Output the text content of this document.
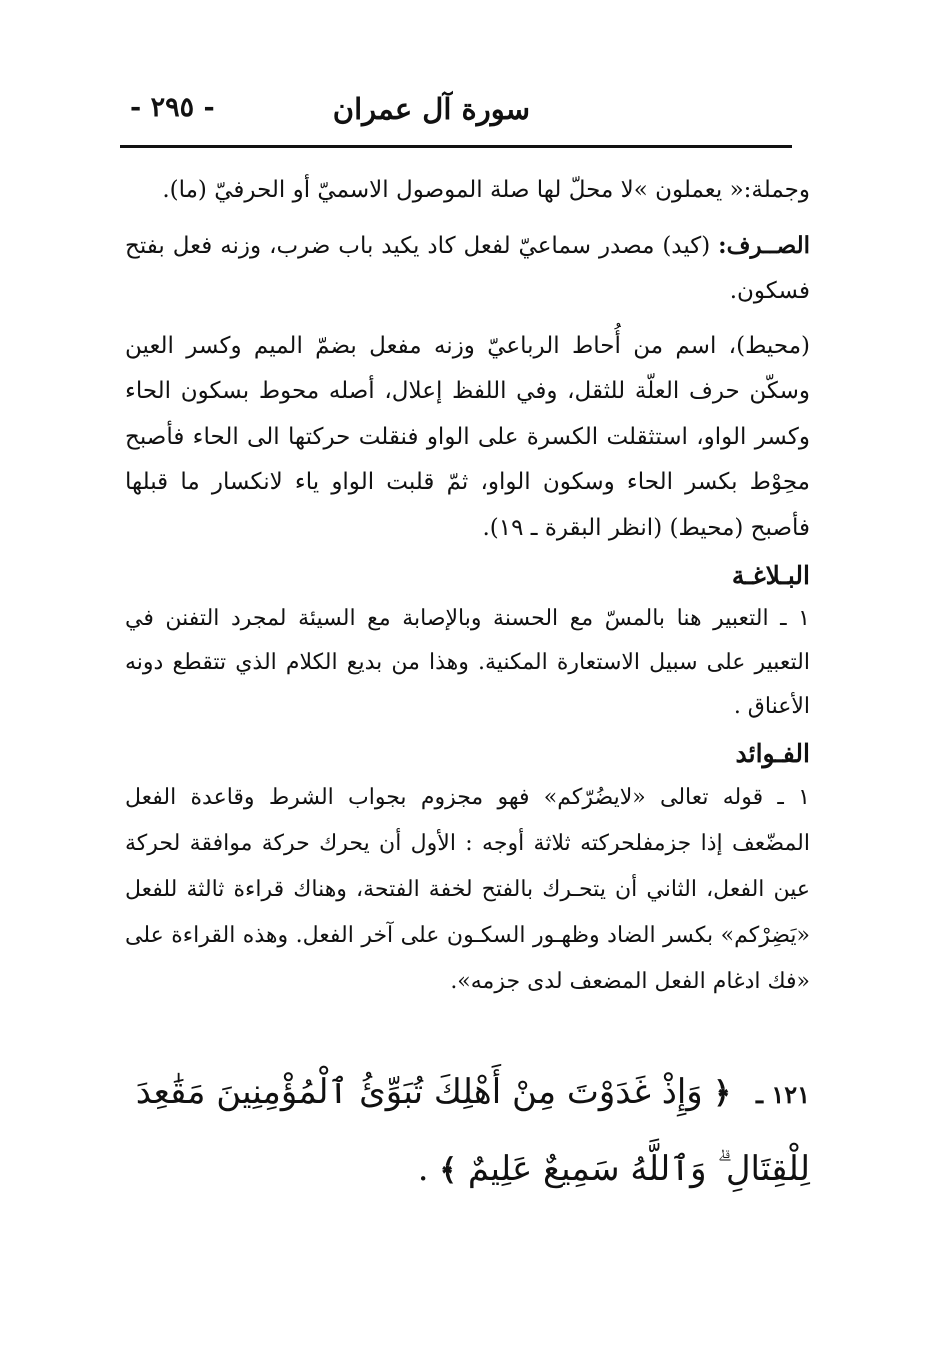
سورة آل عمران
- ٢٩٥ -

وجملة:« يعملون »لا محلّ لها صلة الموصول الاسميّ أو الحرفيّ (ما).

الصــرف: (كيد) مصدر سماعيّ لفعل كاد يكيد باب ضرب، وزنه فعل بفتح فسكون.

(محيط)، اسم من أُحاط الرباعيّ وزنه مفعل بضمّ الميم وكسر العين وسكّن حرف العلّة للثقل، وفي اللفظ إعلال، أصله محوط بسكون الحاء وكسر الواو، استثقلت الكسرة على الواو فنقلت حركتها الى الحاء فأصبح محِوْط بكسر الحاء وسكون الواو، ثمّ قلبت الواو ياء لانكسار ما قبلها فأصبح (محيط) (انظر البقرة ـ ١٩).

البـلاغـة

١ ـ التعبير هنا بالمسّ مع الحسنة وبالإصابة مع السيئة لمجرد التفنن في التعبير على سبيل الاستعارة المكنية. وهذا من بديع الكلام الذي تتقطع دونه الأعناق .

الفـوائد

١ ـ قوله تعالى «لايضُرّكم» فهو مجزوم بجواب الشرط وقاعدة الفعل المضّعف إذا جزمفلحركته ثلاثة أوجه : الأول أن يحرك حركة موافقة لحركة عين الفعل، الثاني أن يتحـرك بالفتح لخفة الفتحة، وهناك قراءة ثالثة للفعل «يَضِرْكم» بكسر الضاد وظهـور السكـون على آخر الفعل. وهذه القراءة على «فك ادغام الفعل المضعف لدى جزمه».

١٢١ ـ ﴿ وَإِذْ غَدَوْتَ مِنْ أَهْلِكَ تُبَوِّئُ ٱلْمُؤْمِنِينَ مَقَٰعِدَ لِلْقِتَالِ ۗ وَٱللَّهُ سَمِيعٌ عَلِيمٌ ﴾ .
